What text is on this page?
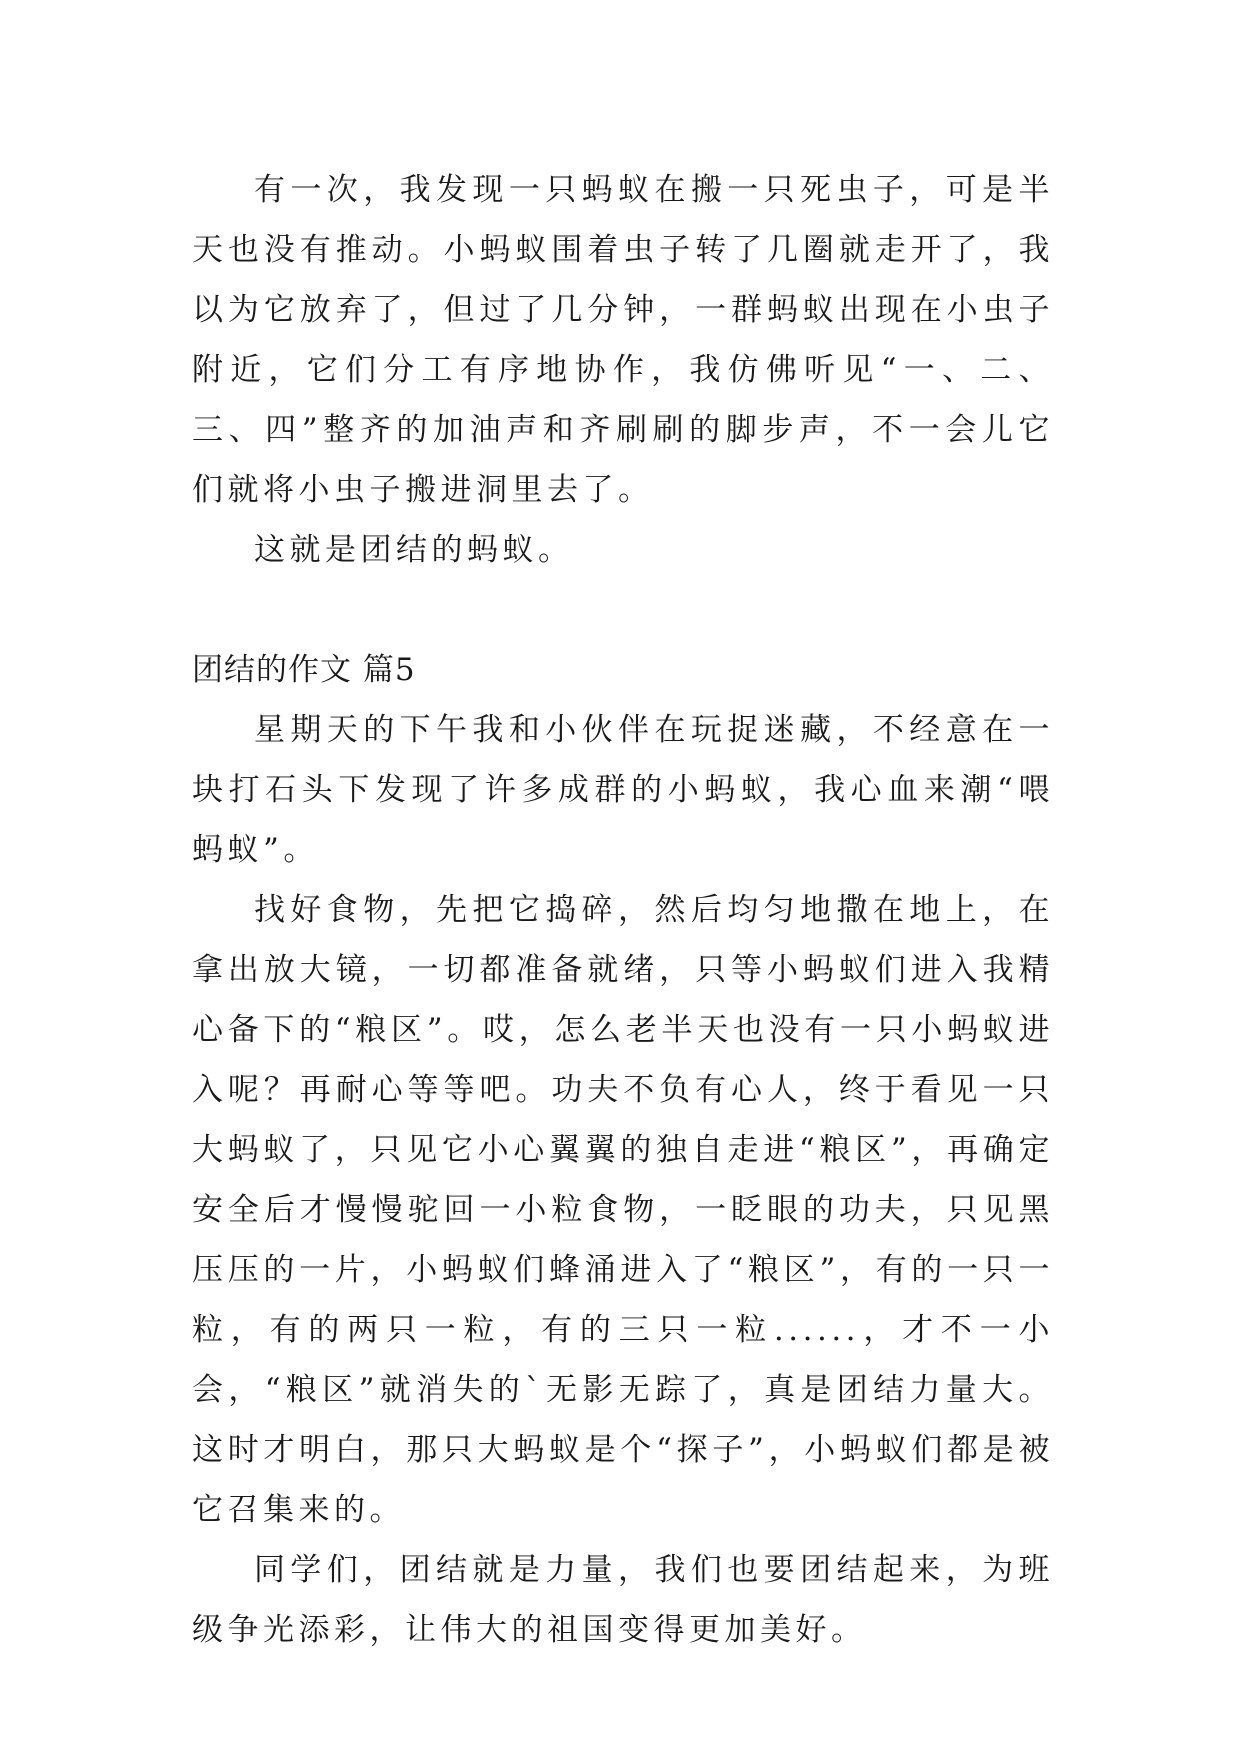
有一次，我发现一只蚂蚁在搬一只死虫子，可是半天也没有推动。小蚂蚁围着虫子转了几圈就走开了，我以为它放弃了，但过了几分钟，一群蚂蚁出现在小虫子附近，它们分工有序地协作，我仿佛听见“一、二、三、四”整齐的加油声和齐刷刷的脚步声，不一会儿它们就将小虫子搬进洞里去了。

这就是团结的蚂蚁。

团结的作文 篇5

星期天的下午我和小伙伴在玩捉迷藏，不经意在一块打石头下发现了许多成群的小蚂蚁，我心血来潮“喂蚂蚁”。

找好食物，先把它捣碎，然后均匀地撒在地上，在拿出放大镜，一切都准备就绪，只等小蚂蚁们进入我精心备下的“粮区”。哎，怎么老半天也没有一只小蚂蚁进入呢？再耐心等等吧。功夫不负有心人，终于看见一只大蚂蚁了，只见它小心翼翼的独自走进“粮区”，再确定安全后才慢慢驼回一小粒食物，一眨眼的功夫，只见黑压压的一片，小蚂蚁们蜂涌进入了“粮区”，有的一只一粒，有的两只一粒，有的三只一粒......，才不一小会，“粮区”就消失的`无影无踪了，真是团结力量大。这时才明白，那只大蚂蚁是个“探子”，小蚂蚁们都是被它召集来的。

同学们，团结就是力量，我们也要团结起来，为班级争光添彩，让伟大的祖国变得更加美好。
